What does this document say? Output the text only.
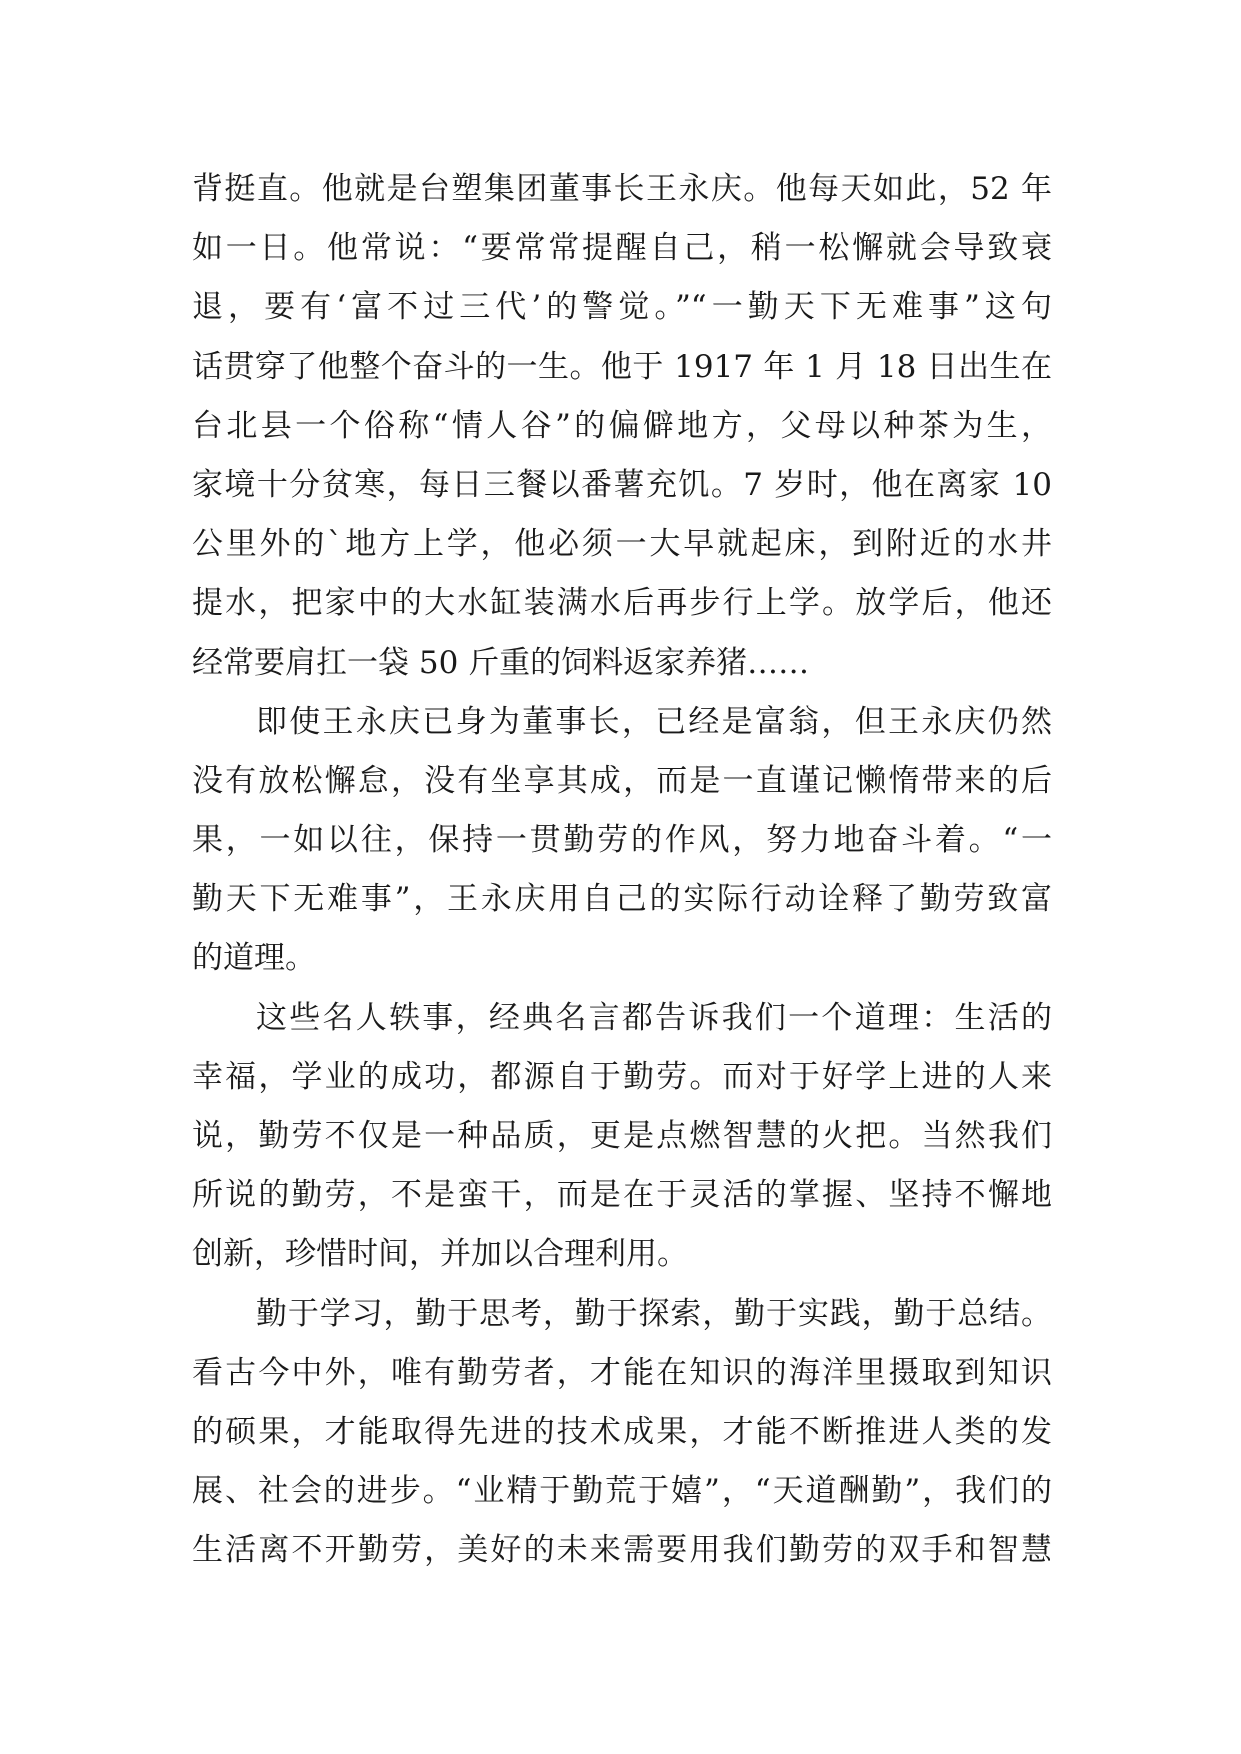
背挺直。他就是台塑集团董事长王永庆。他每天如此，52 年
如一日。他常说：“要常常提醒自己，稍一松懈就会导致衰
退，要有‘富不过三代’的警觉。”“一勤天下无难事”这句
话贯穿了他整个奋斗的一生。他于 1917 年 1 月 18 日出生在
台北县一个俗称“情人谷”的偏僻地方，父母以种茶为生，
家境十分贫寒，每日三餐以番薯充饥。7 岁时，他在离家 10
公里外的`地方上学，他必须一大早就起床，到附近的水井
提水，把家中的大水缸装满水后再步行上学。放学后，他还
经常要肩扛一袋 50 斤重的饲料返家养猪……
即使王永庆已身为董事长，已经是富翁，但王永庆仍然
没有放松懈怠，没有坐享其成，而是一直谨记懒惰带来的后
果，一如以往，保持一贯勤劳的作风，努力地奋斗着。“一
勤天下无难事”，王永庆用自己的实际行动诠释了勤劳致富
的道理。
这些名人轶事，经典名言都告诉我们一个道理：生活的
幸福，学业的成功，都源自于勤劳。而对于好学上进的人来
说，勤劳不仅是一种品质，更是点燃智慧的火把。当然我们
所说的勤劳，不是蛮干，而是在于灵活的掌握、坚持不懈地
创新，珍惜时间，并加以合理利用。
勤于学习，勤于思考，勤于探索，勤于实践，勤于总结。
看古今中外，唯有勤劳者，才能在知识的海洋里摄取到知识
的硕果，才能取得先进的技术成果，才能不断推进人类的发
展、社会的进步。“业精于勤荒于嬉”，“天道酬勤”，我们的
生活离不开勤劳，美好的未来需要用我们勤劳的双手和智慧
